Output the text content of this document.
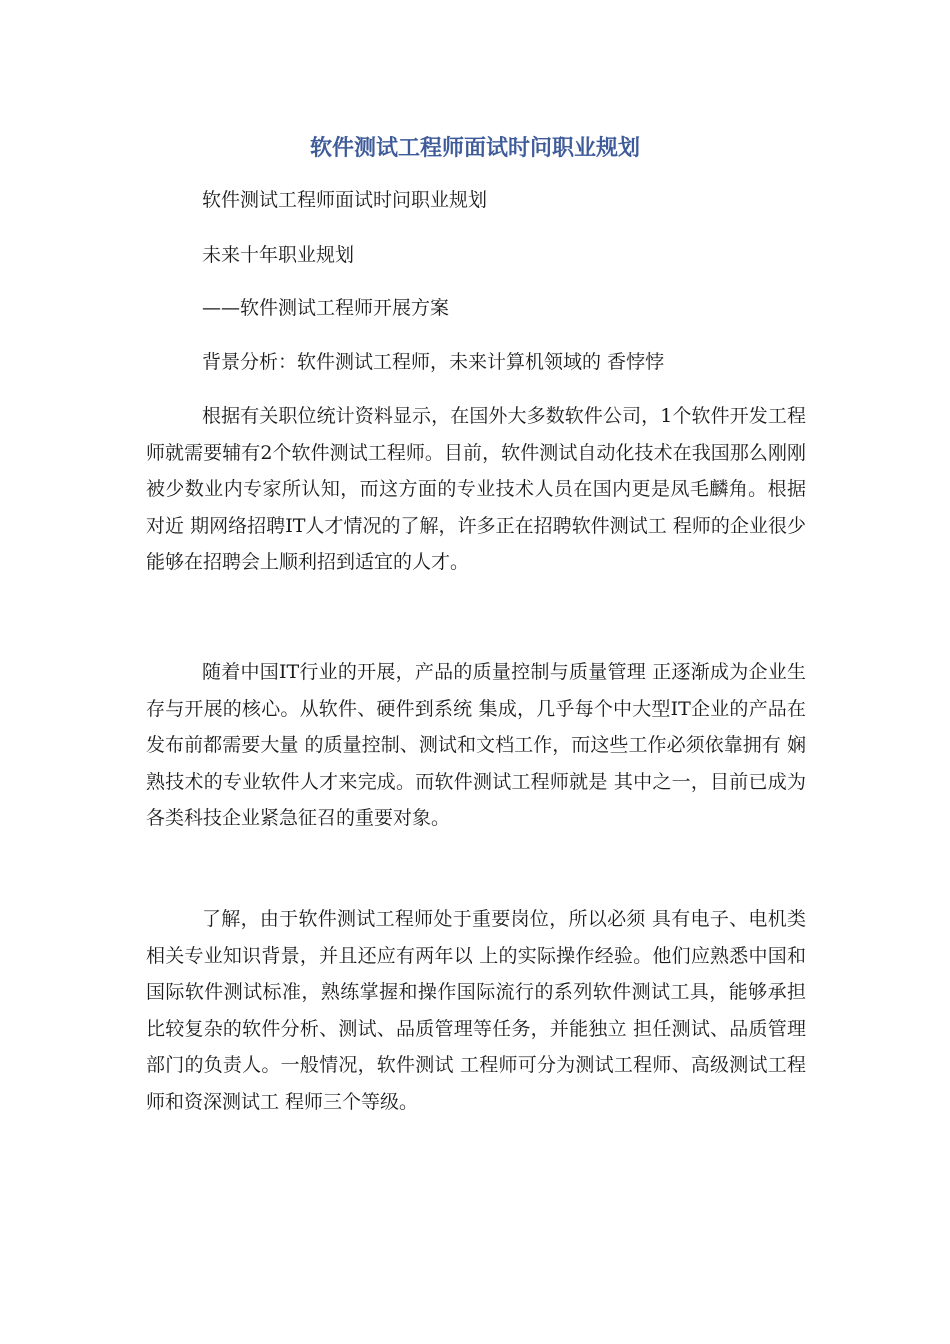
软件测试工程师面试时问职业规划

软件测试工程师面试时问职业规划

未来十年职业规划

——软件测试工程师开展方案

背景分析：软件测试工程师，未来计算机领域的 香悖悖

根据有关职位统计资料显示，在国外大多数软件公司，1个软件开发工程师就需要辅有2个软件测试工程师。目前，软件测试自动化技术在我国那么刚刚被少数业内专家所认知，而这方面的专业技术人员在国内更是凤毛麟角。根据对近 期网络招聘IT人才情况的了解，许多正在招聘软件测试工 程师的企业很少能够在招聘会上顺利招到适宜的人才。

随着中国IT行业的开展，产品的质量控制与质量管理 正逐渐成为企业生存与开展的核心。从软件、硬件到系统 集成，几乎每个中大型IT企业的产品在发布前都需要大量 的质量控制、测试和文档工作，而这些工作必须依靠拥有 娴熟技术的专业软件人才来完成。而软件测试工程师就是 其中之一，目前已成为各类科技企业紧急征召的重要对象。

了解，由于软件测试工程师处于重要岗位，所以必须 具有电子、电机类相关专业知识背景，并且还应有两年以 上的实际操作经验。他们应熟悉中国和国际软件测试标准，熟练掌握和操作国际流行的系列软件测试工具，能够承担 比较复杂的软件分析、测试、品质管理等任务，并能独立 担任测试、品质管理部门的负责人。一般情况，软件测试 工程师可分为测试工程师、高级测试工程师和资深测试工 程师三个等级。
